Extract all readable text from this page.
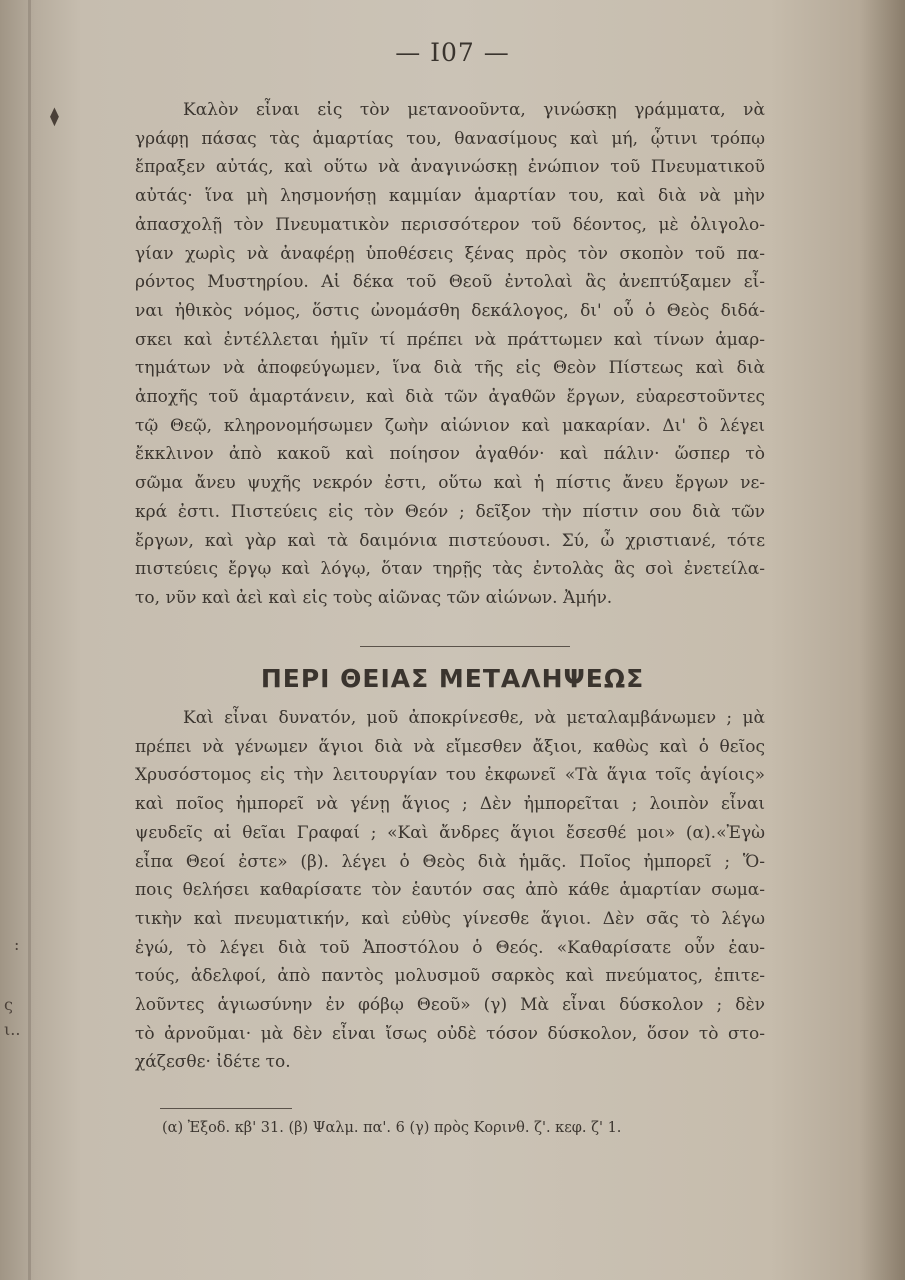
— I07 —
⧫
:
ς
ι..
Καλὸν εἶναι εἰς τὸν μετανοοῦντα, γινώσκῃ γράμματα, νὰ
γράφῃ πάσας τὰς ἁμαρτίας του, θανασίμους καὶ μή, ᾧτινι τρόπῳ
ἔπραξεν αὐτάς, καὶ οὕτω νὰ ἀναγινώσκῃ ἐνώπιον τοῦ Πνευματικοῦ
αὐτάς· ἵνα μὴ λησμονήσῃ καμμίαν ἁμαρτίαν του, καὶ διὰ νὰ μὴν
ἀπασχολῇ τὸν Πνευματικὸν περισσότερον τοῦ δέοντος, μὲ ὀλιγολο-
γίαν χωρὶς νὰ ἀναφέρῃ ὑποθέσεις ξένας πρὸς τὸν σκοπὸν τοῦ πα-
ρόντος Μυστηρίου. Αἱ δέκα τοῦ Θεοῦ ἐντολαὶ ἃς ἀνεπτύξαμεν εἶ-
ναι ἠθικὸς νόμος, ὅστις ὠνομάσθη δεκάλογος, δι' οὗ ὁ Θεὸς διδά-
σκει καὶ ἐντέλλεται ἡμῖν τί πρέπει νὰ πράττωμεν καὶ τίνων ἁμαρ-
τημάτων νὰ ἀποφεύγωμεν, ἵνα διὰ τῆς εἰς Θεὸν Πίστεως καὶ διὰ
ἀποχῆς τοῦ ἁμαρτάνειν, καὶ διὰ τῶν ἀγαθῶν ἔργων, εὐαρεστοῦντες
τῷ Θεῷ, κληρονομήσωμεν ζωὴν αἰώνιον καὶ μακαρίαν. Δι' ὃ λέγει
ἔκκλινον ἀπὸ κακοῦ καὶ ποίησον ἀγαθόν· καὶ πάλιν· ὥσπερ τὸ
σῶμα ἄνευ ψυχῆς νεκρόν ἐστι, οὕτω καὶ ἡ πίστις ἄνευ ἔργων νε-
κρά ἐστι. Πιστεύεις εἰς τὸν Θεόν ; δεῖξον τὴν πίστιν σου διὰ τῶν
ἔργων, καὶ γὰρ καὶ τὰ δαιμόνια πιστεύουσι. Σύ, ὦ χριστιανέ, τότε
πιστεύεις ἔργῳ καὶ λόγῳ, ὅταν τηρῇς τὰς ἐντολὰς ἃς σοὶ ἐνετείλα-
το, νῦν καὶ ἀεὶ καὶ εἰς τοὺς αἰῶνας τῶν αἰώνων. Ἀμήν.
ΠΕΡΙ ΘΕΙΑΣ ΜΕΤΑΛΗΨΕΩΣ
Καὶ εἶναι δυνατόν, μοῦ ἀποκρίνεσθε, νὰ μεταλαμβάνωμεν ; μὰ
πρέπει νὰ γένωμεν ἅγιοι διὰ νὰ εἴμεσθεν ἄξιοι, καθὼς καὶ ὁ θεῖος
Χρυσόστομος εἰς τὴν λειτουργίαν του ἐκφωνεῖ «Τὰ ἅγια τοῖς ἁγίοις»
καὶ ποῖος ἠμπορεῖ νὰ γένῃ ἅγιος ; Δὲν ἠμπορεῖται ; λοιπὸν εἶναι
ψευδεῖς αἱ θεῖαι Γραφαί ; «Καὶ ἄνδρες ἅγιοι ἔσεσθέ μοι» (α).«Ἐγὼ
εἶπα Θεοί ἐστε» (β). λέγει ὁ Θεὸς διὰ ἡμᾶς. Ποῖος ἠμπορεῖ ; Ὅ-
ποις θελήσει καθαρίσατε τὸν ἑαυτόν σας ἀπὸ κάθε ἁμαρτίαν σωμα-
τικὴν καὶ πνευματικήν, καὶ εὐθὺς γίνεσθε ἅγιοι. Δὲν σᾶς τὸ λέγω
ἐγώ, τὸ λέγει διὰ τοῦ Ἀποστόλου ὁ Θεός. «Καθαρίσατε οὖν ἑαυ-
τούς, ἀδελφοί, ἀπὸ παντὸς μολυσμοῦ σαρκὸς καὶ πνεύματος, ἐπιτε-
λοῦντες ἁγιωσύνην ἐν φόβῳ Θεοῦ» (γ) Μὰ εἶναι δύσκολον ; δὲν
τὸ ἀρνοῦμαι· μὰ δὲν εἶναι ἴσως οὐδὲ τόσον δύσκολον, ὅσον τὸ στο-
χάζεσθε· ἰδέτε το.
(α) Ἐξοδ. κβ' 31. (β) Ψαλμ. πα'. 6 (γ) πρὸς Κορινθ. ζ'. κεφ. ζ' 1.
